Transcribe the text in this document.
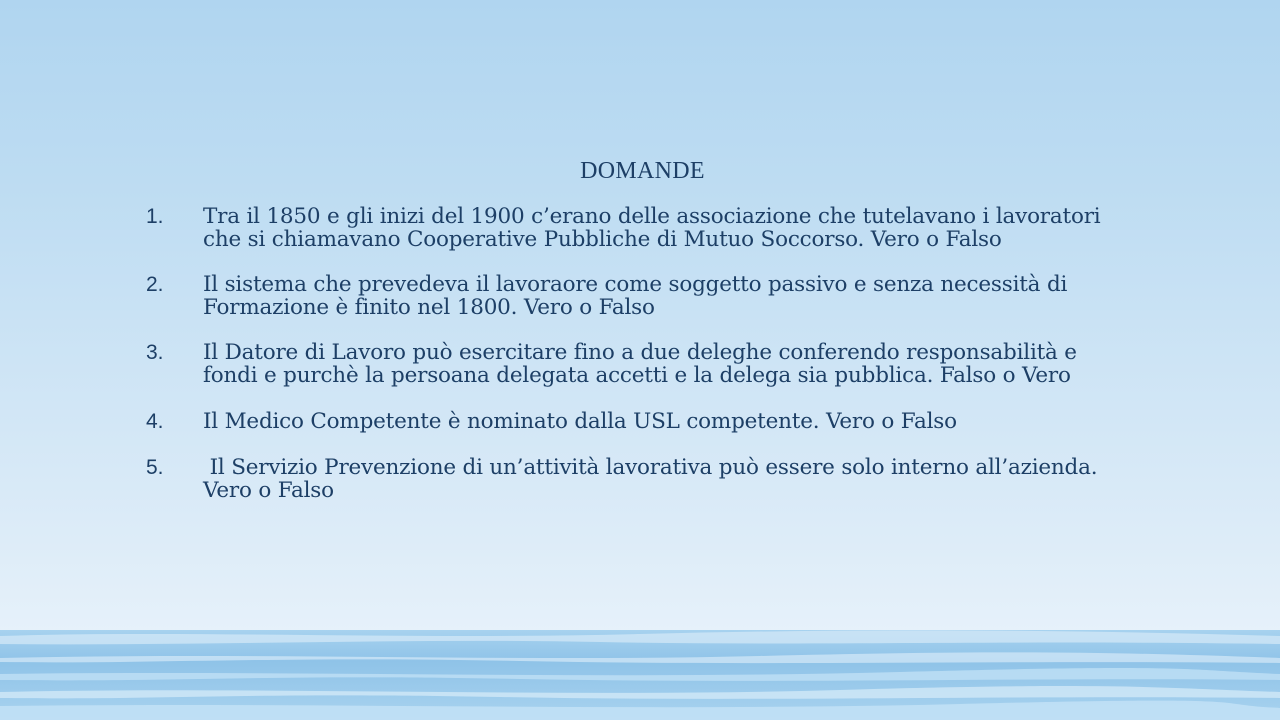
DOMANDE
1. Tra il 1850 e gli inizi del 1900 c’erano delle associazione che tutelavano i lavoratori che si chiamavano Cooperative Pubbliche di Mutuo Soccorso. Vero o Falso
2. Il sistema che prevedeva il lavoraore come soggetto passivo e senza necessità di Formazione è finito nel 1800. Vero o Falso
3. Il Datore di Lavoro può esercitare fino a due deleghe conferendo responsabilità e fondi e purchè la persoana delegata accetti e la delega sia pubblica. Falso o Vero
4. Il Medico Competente è nominato dalla USL competente. Vero o Falso
5. Il Servizio Prevenzione di un’attività lavorativa può essere solo interno all’azienda. Vero o Falso
